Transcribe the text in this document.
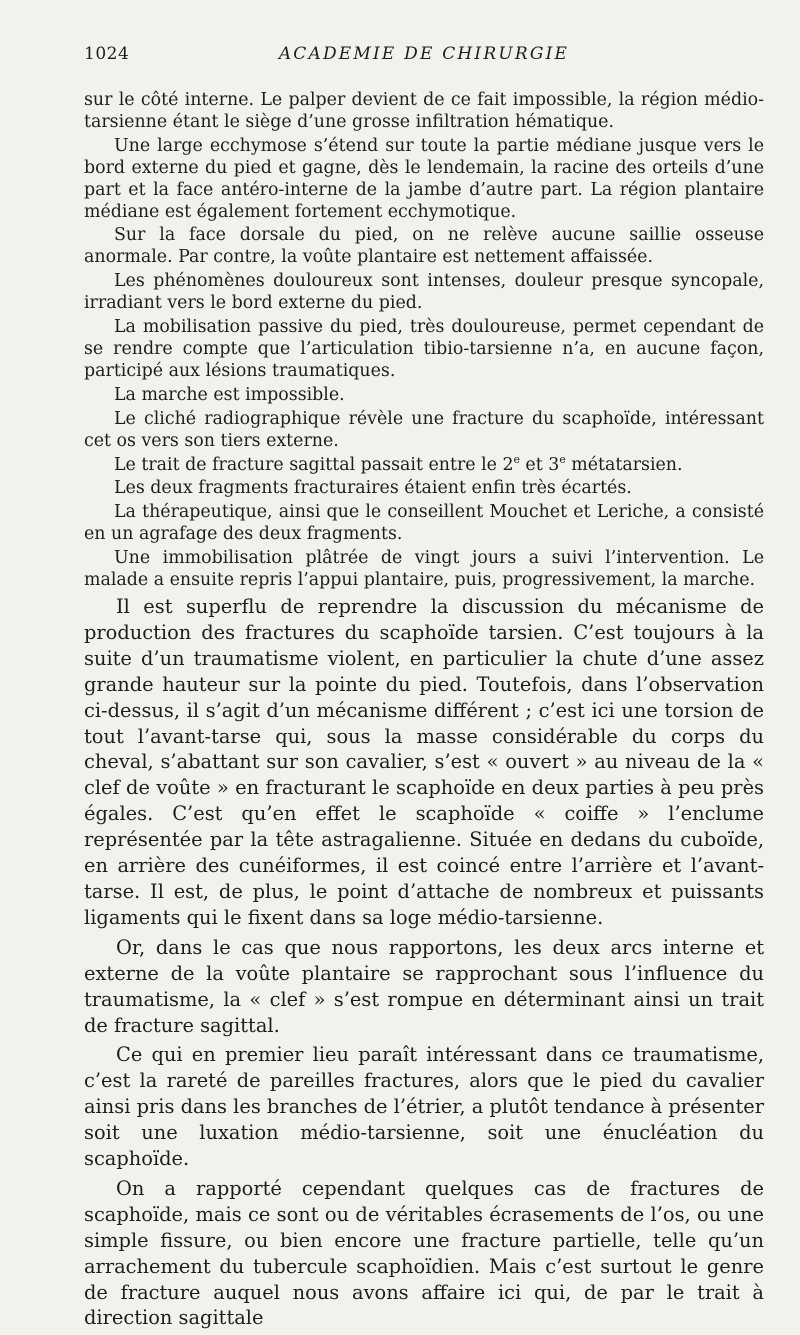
1024	ACADEMIE DE CHIRURGIE

sur le côté interne. Le palper devient de ce fait impossible, la région médio-tarsienne étant le siège d’une grosse infiltration hématique.

Une large ecchymose s’étend sur toute la partie médiane jusque vers le bord externe du pied et gagne, dès le lendemain, la racine des orteils d’une part et la face antéro-interne de la jambe d’autre part. La région plantaire médiane est également fortement ecchymotique.

Sur la face dorsale du pied, on ne relève aucune saillie osseuse anormale. Par contre, la voûte plantaire est nettement affaissée.

Les phénomènes douloureux sont intenses, douleur presque syncopale, irradiant vers le bord externe du pied.

La mobilisation passive du pied, très douloureuse, permet cependant de se rendre compte que l’articulation tibio-tarsienne n’a, en aucune façon, participé aux lésions traumatiques.

La marche est impossible.

Le cliché radiographique révèle une fracture du scaphoïde, intéressant cet os vers son tiers externe.

Le trait de fracture sagittal passait entre le 2e et 3e métatarsien.

Les deux fragments fracturaires étaient enfin très écartés.

La thérapeutique, ainsi que le conseillent Mouchet et Leriche, a consisté en un agrafage des deux fragments.

Une immobilisation plâtrée de vingt jours a suivi l’intervention. Le malade a ensuite repris l’appui plantaire, puis, progressivement, la marche.

Il est superflu de reprendre la discussion du mécanisme de production des fractures du scaphoïde tarsien. C’est toujours à la suite d’un traumatisme violent, en particulier la chute d’une assez grande hauteur sur la pointe du pied. Toutefois, dans l’observation ci-dessus, il s’agit d’un mécanisme différent ; c’est ici une torsion de tout l’avant-tarse qui, sous la masse considérable du corps du cheval, s’abattant sur son cavalier, s’est « ouvert » au niveau de la « clef de voûte » en fracturant le scaphoïde en deux parties à peu près égales. C’est qu’en effet le scaphoïde « coiffe » l’enclume représentée par la tête astragalienne. Située en dedans du cuboïde, en arrière des cunéiformes, il est coincé entre l’arrière et l’avant-tarse. Il est, de plus, le point d’attache de nombreux et puissants ligaments qui le fixent dans sa loge médio-tarsienne.

Or, dans le cas que nous rapportons, les deux arcs interne et externe de la voûte plantaire se rapprochant sous l’influence du traumatisme, la « clef » s’est rompue en déterminant ainsi un trait de fracture sagittal.

Ce qui en premier lieu paraît intéressant dans ce traumatisme, c’est la rareté de pareilles fractures, alors que le pied du cavalier ainsi pris dans les branches de l’étrier, a plutôt tendance à présenter soit une luxation médio-tarsienne, soit une énucléation du scaphoïde.

On a rapporté cependant quelques cas de fractures de scaphoïde, mais ce sont ou de véritables écrasements de l’os, ou une simple fissure, ou bien encore une fracture partielle, telle qu’un arrachement du tubercule scaphoïdien. Mais c’est surtout le genre de fracture auquel nous avons affaire ici qui, de par le trait à direction sagittale
